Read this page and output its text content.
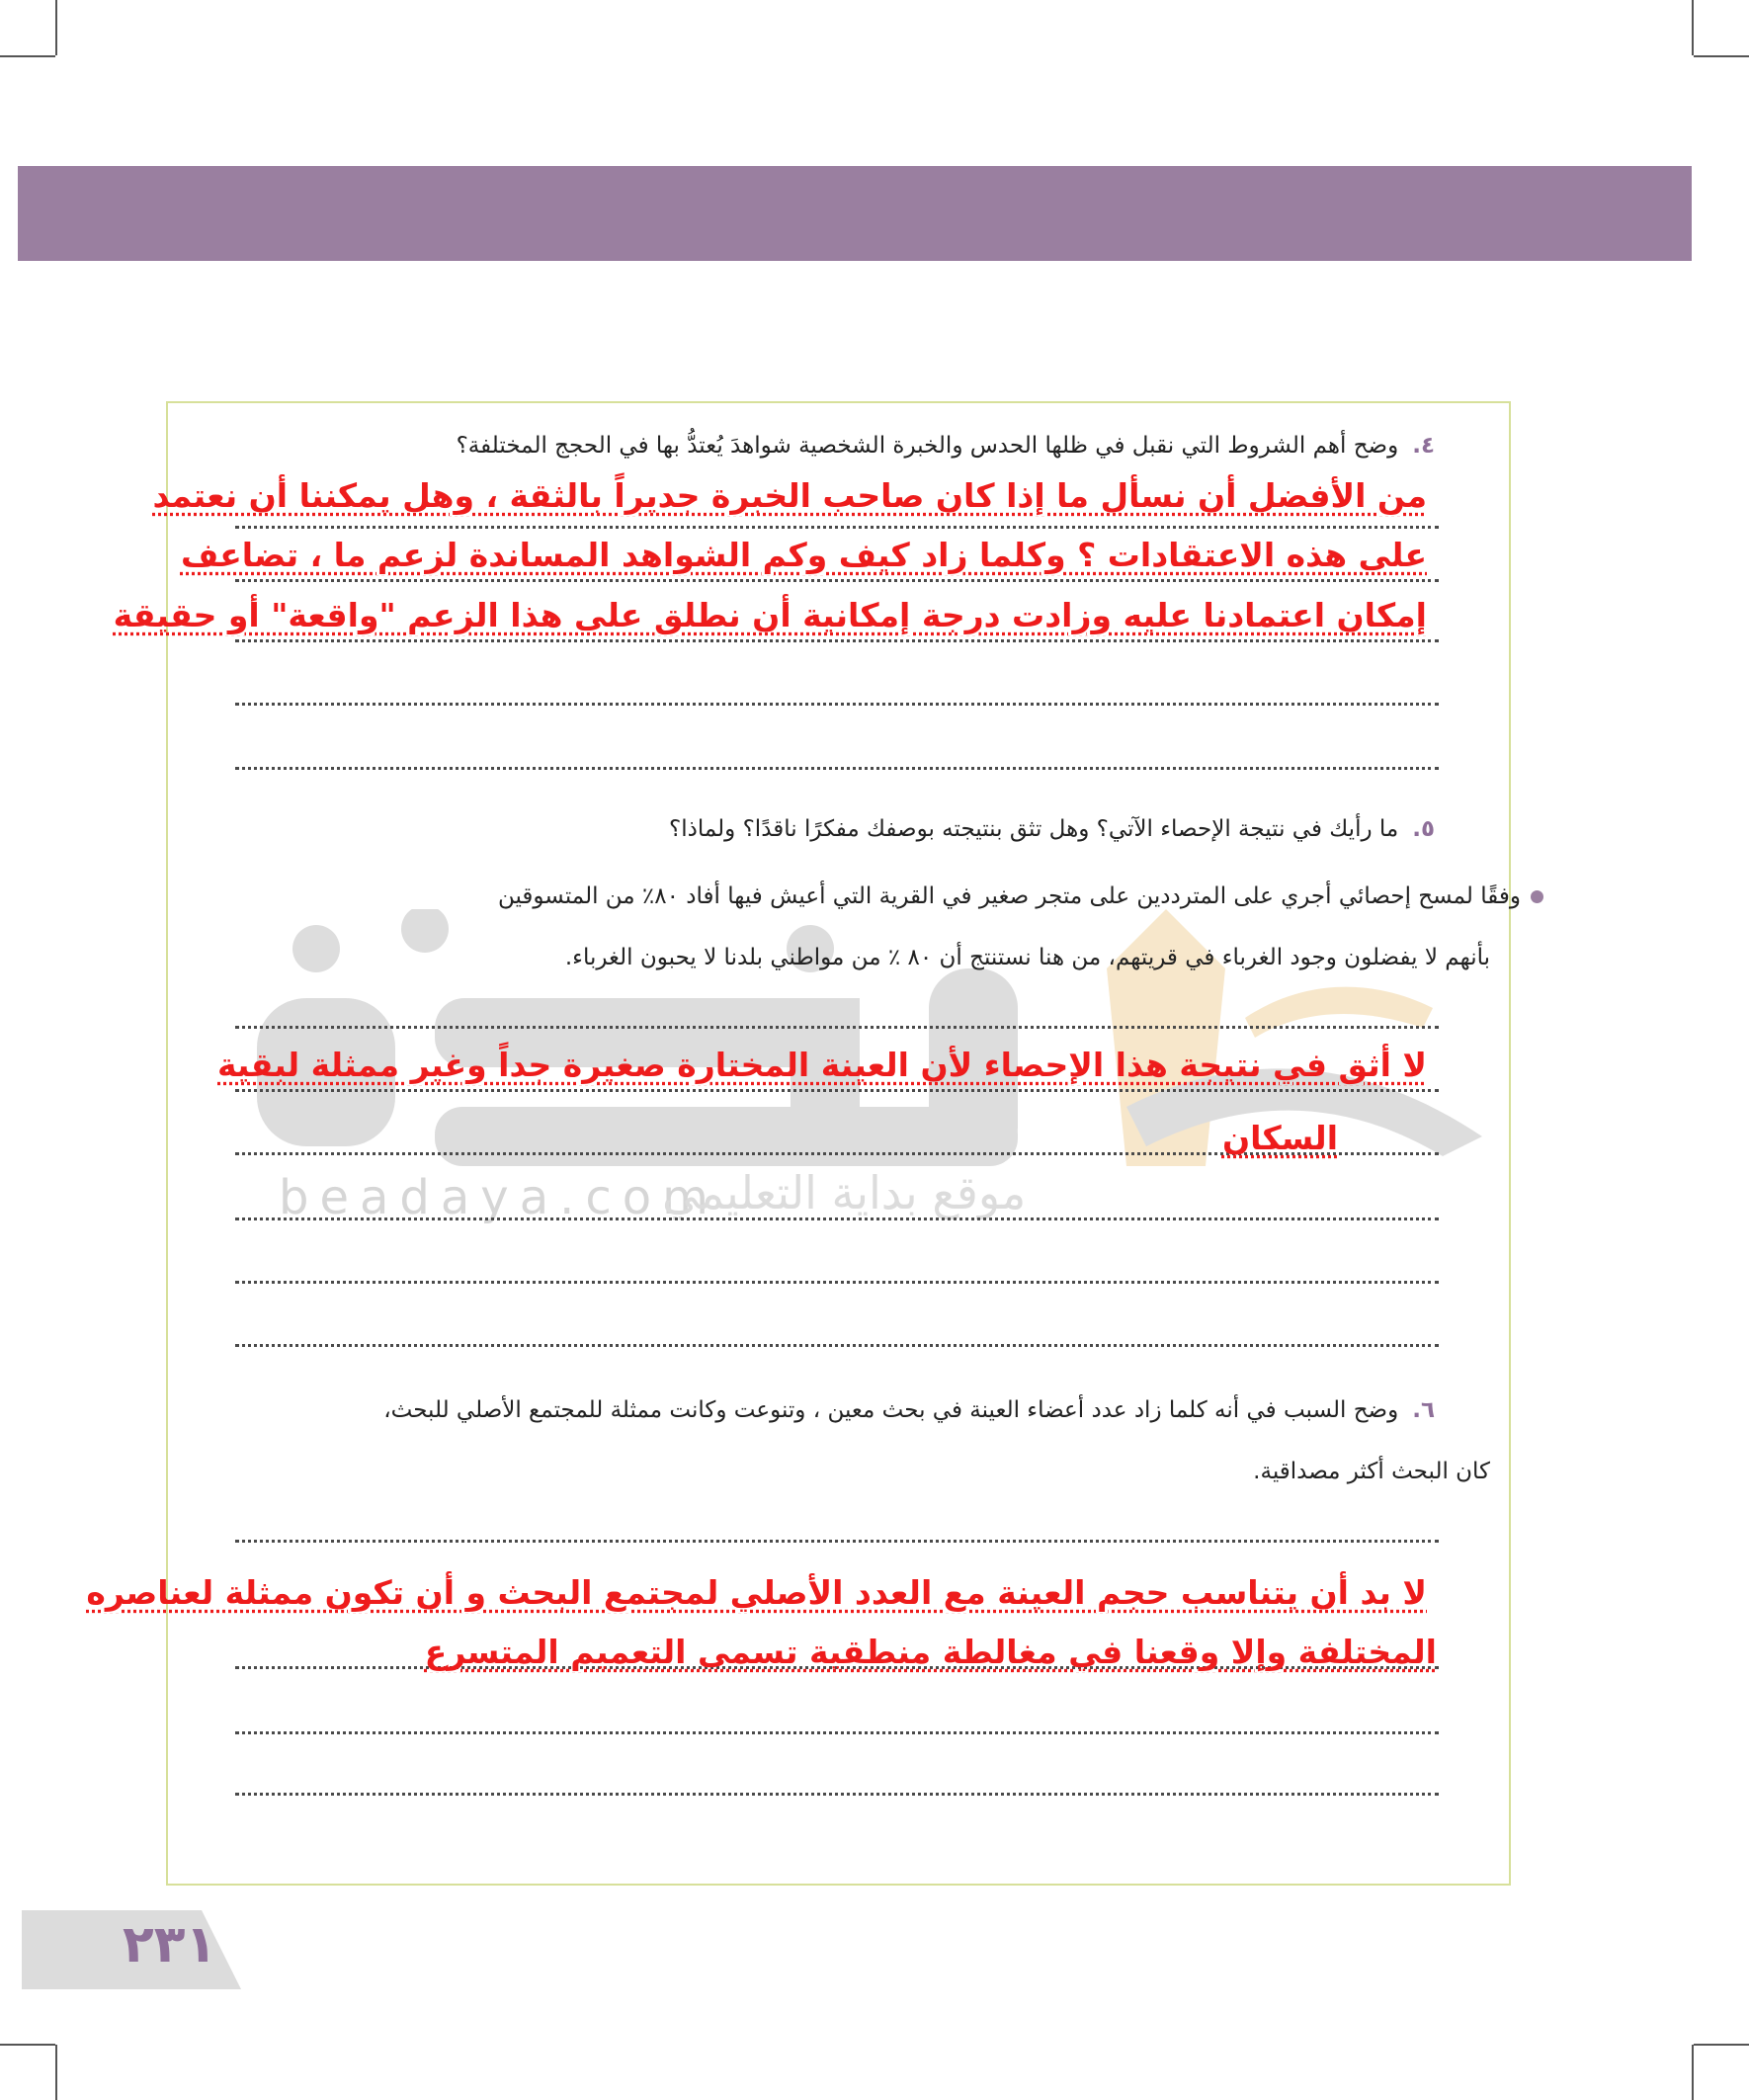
beadaya.com
موقع بداية التعليمي
٤.وضح أهم الشروط التي نقبل في ظلها الحدس والخبرة الشخصية شواهدَ يُعتدُّ بها في الحجج المختلفة؟
من الأفضل أن نسأل ما إذا كان صاحب الخبرة جديراً بالثقة ، وهل يمكننا أن نعتمد
على هذه الاعتقادات ؟ وكلما زاد كيف وكم الشواهد المساندة لزعم ما ، تضاعف
إمكان اعتمادنا عليه وزادت درجة إمكانية أن نطلق على هذا الزعم "واقعة" أو حقيقة
٥.ما رأيك في نتيجة الإحصاء الآتي؟ وهل تثق بنتيجته بوصفك مفكرًا ناقدًا؟ ولماذا؟
وفقًا لمسح إحصائي أجري على المترددين على متجر صغير في القرية التي أعيش فيها أفاد ٨٠٪ من المتسوقين
بأنهم لا يفضلون وجود الغرباء في قريتهم، من هنا نستنتج أن ٨٠ ٪ من مواطني بلدنا لا يحبون الغرباء.
لا أثق في نتيجة هذا الإحصاء لأن العينة المختارة صغيرة جداً وغير ممثلة لبقية
السكان
٦.وضح السبب في أنه كلما زاد عدد أعضاء العينة في بحث معين ، وتنوعت وكانت ممثلة للمجتمع الأصلي للبحث،
كان البحث أكثر مصداقية.
لا بد أن يتناسب حجم العينة مع العدد الأصلي لمجتمع البحث و أن تكون ممثلة لعناصره
المختلفة وإلا وقعنا في مغالطة منطقية تسمى التعميم المتسرع
٢٣١
